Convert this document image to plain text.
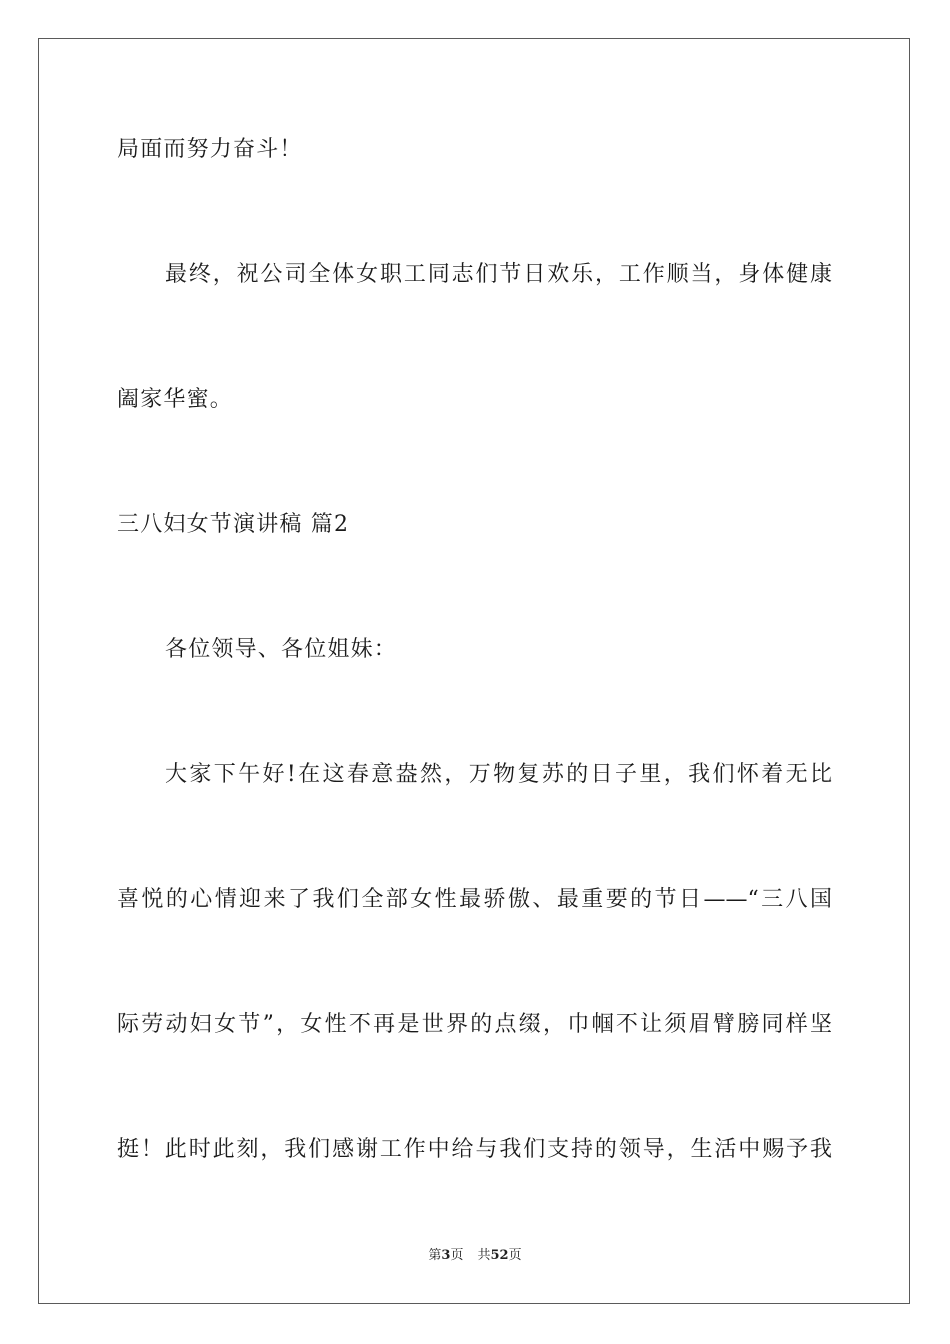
局面而努力奋斗！
最终，祝公司全体女职工同志们节日欢乐，工作顺当，身体健康
阖家华蜜。
三八妇女节演讲稿 篇2
各位领导、各位姐妹：
大家下午好!在这春意盎然，万物复苏的日子里，我们怀着无比
喜悦的心情迎来了我们全部女性最骄傲、最重要的节日——“三八国
际劳动妇女节”，女性不再是世界的点缀，巾帼不让须眉臂膀同样坚
挺！此时此刻，我们感谢工作中给与我们支持的领导，生活中赐予我
第3页 共52页
